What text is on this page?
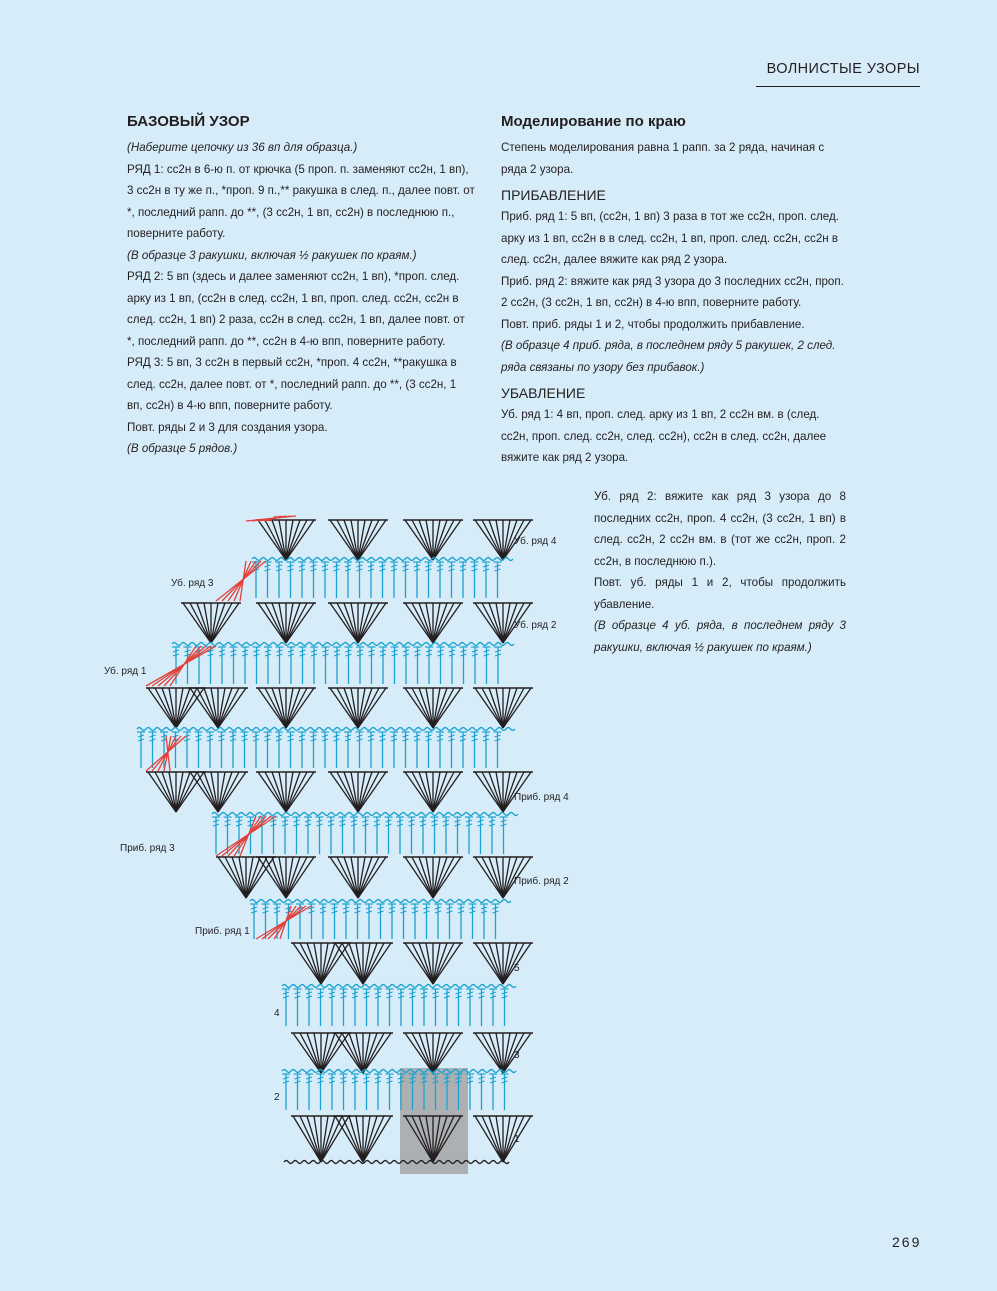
ВОЛНИСТЫЕ УЗОРЫ
БАЗОВЫЙ УЗОР

(Наберите цепочку из 36 вп для образца.)

РЯД 1: сс2н в 6-ю п. от крючка (5 проп. п. заменяют сс2н, 1 вп), 3 сс2н в ту же п., *проп. 9 п.,** ракушка в след. п., далее повт. от *, последний рапп. до **, (3 сс2н, 1 вп, сс2н) в последнюю п., поверните работу.

(В образце 3 ракушки, включая ½ ракушек по краям.)

РЯД 2: 5 вп (здесь и далее заменяют сс2н, 1 вп), *проп. след. арку из 1 вп, (сс2н в след. сс2н, 1 вп, проп. след. сс2н, сс2н в след. сс2н, 1 вп) 2 раза, сс2н в след. сс2н, 1 вп, далее повт. от *, последний рапп. до **, сс2н в 4-ю впп, поверните работу.

РЯД 3: 5 вп, 3 сс2н в первый сс2н, *проп. 4 сс2н, **ракушка в след. сс2н, далее повт. от *, последний рапп. до **, (3 сс2н, 1 вп, сс2н) в 4-ю впп, поверните работу.

Повт. ряды 2 и 3 для создания узора.

(В образце 5 рядов.)

Моделирование по краю

Степень моделирования равна 1 рапп. за 2 ряда, начиная с ряда 2 узора.

ПРИБАВЛЕНИЕ

Приб. ряд 1: 5 вп, (сс2н, 1 вп) 3 раза в тот же сс2н, проп. след. арку из 1 вп, сс2н в в след. сс2н, 1 вп, проп. след. сс2н, сс2н в след. сс2н, далее вяжите как ряд 2 узора.

Приб. ряд 2: вяжите как ряд 3 узора до 3 последних сс2н, проп. 2 сс2н, (3 сс2н, 1 вп, сс2н) в 4-ю впп, поверните работу.

Повт. приб. ряды 1 и 2, чтобы продолжить прибавление.

(В образце 4 приб. ряда, в последнем ряду 5 ракушек, 2 след. ряда связаны по узору без прибавок.)

УБАВЛЕНИЕ

Уб. ряд 1: 4 вп, проп. след. арку из 1 вп, 2 сс2н вм. в (след. сс2н, проп. след. сс2н, след. сс2н), сс2н в след. сс2н, далее вяжите как ряд 2 узора.

Уб. ряд 2: вяжите как ряд 3 узора до 8 последних сс2н, проп. 4 сс2н, (3 сс2н, 1 вп) в след. сс2н, 2 сс2н вм. в (тот же сс2н, проп. 2 сс2н, в последнюю п.).

Повт. уб. ряды 1 и 2, чтобы продолжить убавление.

(В образце 4 уб. ряда, в последнем ряду 3 ракушки, включая ½ ракушек по краям.)

1
2
3
4
5
Приб. ряд 1
Приб. ряд 2
Приб. ряд 3
Приб. ряд 4
Уб. ряд 1
Уб. ряд 2
Уб. ряд 3
Уб. ряд 4
269
